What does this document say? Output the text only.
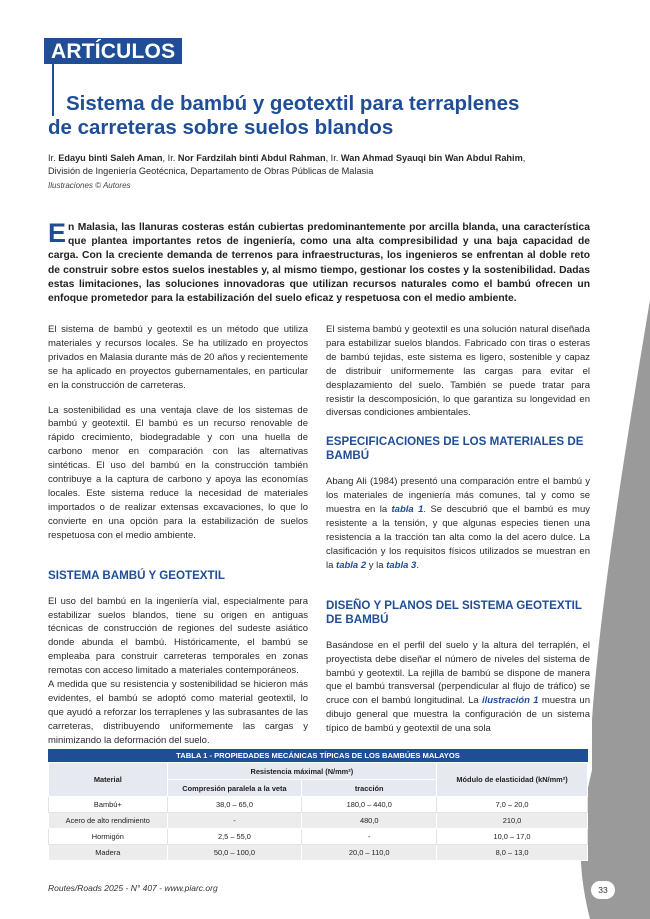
ARTÍCULOS
Sistema de bambú y geotextil para terraplenes
de carreteras sobre suelos blandos
Ir. Edayu binti Saleh Aman, Ir. Nor Fardzilah binti Abdul Rahman, Ir. Wan Ahmad Syauqi bin Wan Abdul Rahim,
División de Ingeniería Geotécnica, Departamento de Obras Públicas de Malasia
Ilustraciones © Autores
En Malasia, las llanuras costeras están cubiertas predominantemente por arcilla blanda, una característica que plantea importantes retos de ingeniería, como una alta compresibilidad y una baja capacidad de carga. Con la creciente demanda de terrenos para infraestructuras, los ingenieros se enfrentan al doble reto de construir sobre estos suelos inestables y, al mismo tiempo, gestionar los costes y la sostenibilidad. Dadas estas limitaciones, las soluciones innovadoras que utilizan recursos naturales como el bambú ofrecen un enfoque prometedor para la estabilización del suelo eficaz y respetuosa con el medio ambiente.

El sistema de bambú y geotextil es un método que utiliza materiales y recursos locales. Se ha utilizado en proyectos privados en Malasia durante más de 20 años y recientemente se ha aplicado en proyectos gubernamentales, en particular en la construcción de carreteras.

La sostenibilidad es una ventaja clave de los sistemas de bambú y geotextil. El bambú es un recurso renovable de rápido crecimiento, biodegradable y con una huella de carbono menor en comparación con las alternativas sintéticas. El uso del bambú en la construcción también contribuye a la captura de carbono y apoya las economías locales. Este sistema reduce la necesidad de materiales importados o de realizar extensas excavaciones, lo que lo convierte en una opción para la estabilización de suelos respetuosa con el medio ambiente.

SISTEMA BAMBÚ Y GEOTEXTIL

El uso del bambú en la ingeniería vial, especialmente para estabilizar suelos blandos, tiene su origen en antiguas técnicas de construcción de regiones del sudeste asiático donde abunda el bambú. Históricamente, el bambú se empleaba para construir carreteras temporales en zonas remotas con acceso limitado a materiales contemporáneos.

A medida que su resistencia y sostenibilidad se hicieron más evidentes, el bambú se adoptó como material geotextil, lo que ayudó a reforzar los terraplenes y las subrasantes de las carreteras, distribuyendo uniformemente las cargas y minimizando la deformación del suelo.

El sistema bambú y geotextil es una solución natural diseñada para estabilizar suelos blandos. Fabricado con tiras o esteras de bambú tejidas, este sistema es ligero, sostenible y capaz de distribuir uniformemente las cargas para evitar el desplazamiento del suelo. También se puede tratar para resistir la descomposición, lo que garantiza su longevidad en diversas condiciones ambientales.

ESPECIFICACIONES DE LOS MATERIALES DE BAMBÚ

Abang Ali (1984) presentó una comparación entre el bambú y los materiales de ingeniería más comunes, tal y como se muestra en la tabla 1. Se descubrió que el bambú es muy resistente a la tensión, y que algunas especies tienen una resistencia a la tracción tan alta como la del acero dulce. La clasificación y los requisitos físicos utilizados se muestran en la tabla 2 y la tabla 3.

DISEÑO Y PLANOS DEL SISTEMA GEOTEXTIL DE BAMBÚ

Basándose en el perfil del suelo y la altura del terraplén, el proyectista debe diseñar el número de niveles del sistema de bambú y geotextil. La rejilla de bambú se dispone de manera que el bambú transversal (perpendicular al flujo de tráfico) se cruce con el bambú longitudinal. La ilustración 1 muestra un dibujo general que muestra la configuración de un sistema típico de bambú y geotextil de una sola

TABLA 1 - PROPIEDADES MECÁNICAS TÍPICAS DE LOS BAMBÚES MALAYOS
Material	Resistencia máximal (N/mm²)		Módulo de elasticidad (kN/mm²)
	Compresión paralela a la veta	tracción	
Bambú+	38,0 – 65,0	180,0 – 440,0	7,0 – 20,0
Acero de alto rendimiento	-	480,0	210,0
Hormigón	2,5 – 55,0	-	10,0 – 17,0
Madera	50,0 – 100,0	20,0 – 110,0	8,0 – 13,0
Routes/Roads 2025 - N° 407 - www.piarc.org	33
